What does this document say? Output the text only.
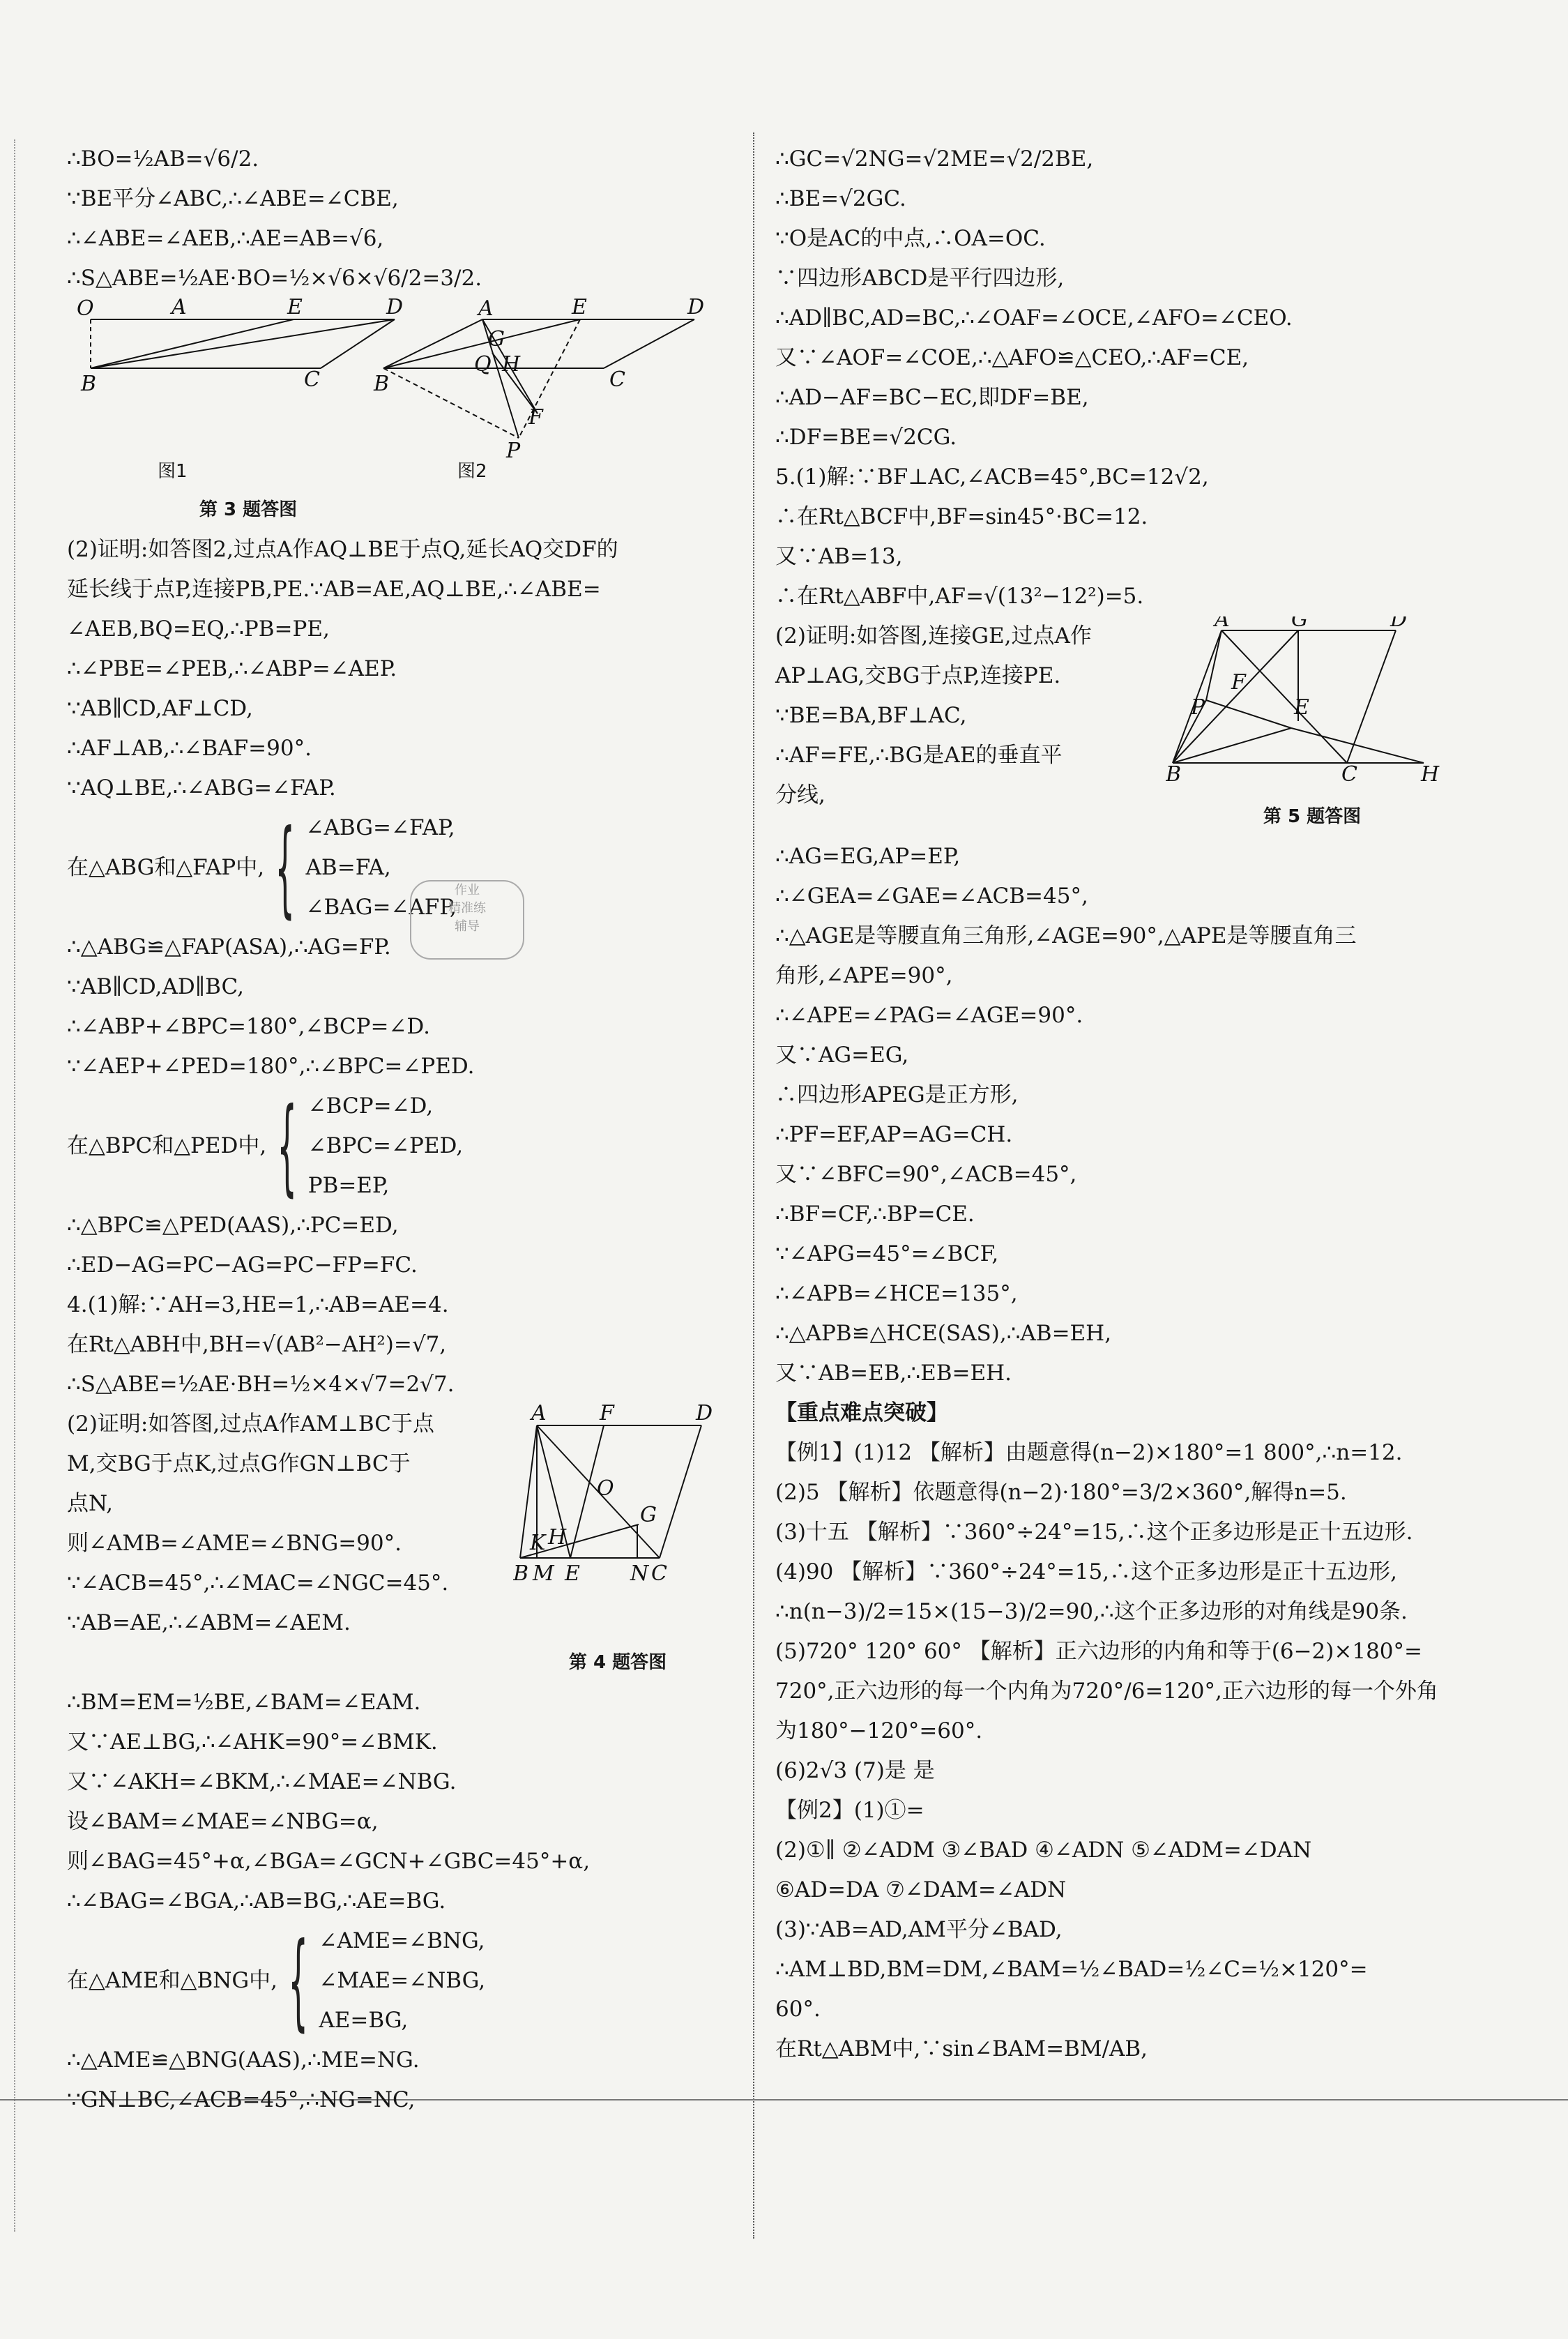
∴BO=½AB=√6/2.
∵BE平分∠ABC,∴∠ABE=∠CBE,
∴∠ABE=∠AEB,∴AE=AB=√6,
∴S△ABE=½AE·BO=½×√6×√6/2=3/2.
O	A	E	D
B	C
A
G
E	D
Q H
B	C
F
P
图1	图2
第 3 题答图
(2)证明:如答图2,过点A作AQ⊥BE于点Q,延长AQ交DF的
延长线于点P,连接PB,PE.∵AB=AE,AQ⊥BE,∴∠ABE=
∠AEB,BQ=EQ,∴PB=PE,
∴∠PBE=∠PEB,∴∠ABP=∠AEP.
∵AB∥CD,AF⊥CD,
∴AF⊥AB,∴∠BAF=90°.
∵AQ⊥BE,∴∠ABG=∠FAP.
在△ABG和△FAP中, { ∠ABG=∠FAP,
AB=FA,
∠BAG=∠AFP,
∴△ABG≌△FAP(ASA),∴AG=FP.
∵AB∥CD,AD∥BC,
∴∠ABP+∠BPC=180°,∠BCP=∠D.
∵∠AEP+∠PED=180°,∴∠BPC=∠PED.
在△BPC和△PED中, { ∠BCP=∠D,
∠BPC=∠PED,
PB=EP,
∴△BPC≌△PED(AAS),∴PC=ED,
∴ED−AG=PC−AG=PC−FP=FC.
4.(1)解:∵AH=3,HE=1,∴AB=AE=4.
在Rt△ABH中,BH=√(AB²−AH²)=√7,
∴S△ABE=½AE·BH=½×4×√7=2√7.
(2)证明:如答图,过点A作AM⊥BC于点
M,交BG于点K,过点G作GN⊥BC于
点N,
则∠AMB=∠AME=∠BNG=90°.
∵∠ACB=45°,∴∠MAC=∠NGC=45°.
∵AB=AE,∴∠ABM=∠AEM.
A	F	D
O
G
K H
B M E N C
第 4 题答图
∴BM=EM=½BE,∠BAM=∠EAM.
又∵AE⊥BG,∴∠AHK=90°=∠BMK.
又∵∠AKH=∠BKM,∴∠MAE=∠NBG.
设∠BAM=∠MAE=∠NBG=α,
则∠BAG=45°+α,∠BGA=∠GCN+∠GBC=45°+α,
∴∠BAG=∠BGA,∴AB=BG,∴AE=BG.
在△AME和△BNG中, { ∠AME=∠BNG,
∠MAE=∠NBG,
AE=BG,
∴△AME≌△BNG(AAS),∴ME=NG.
∵GN⊥BC,∠ACB=45°,∴NG=NC,
作业
精准练
辅导
∴GC=√2NG=√2ME=√2/2BE,
∴BE=√2GC.
∵O是AC的中点,∴OA=OC.
∵四边形ABCD是平行四边形,
∴AD∥BC,AD=BC,∴∠OAF=∠OCE,∠AFO=∠CEO.
又∵∠AOF=∠COE,∴△AFO≌△CEO,∴AF=CE,
∴AD−AF=BC−EC,即DF=BE,
∴DF=BE=√2CG.
5.(1)解:∵BF⊥AC,∠ACB=45°,BC=12√2,
∴在Rt△BCF中,BF=sin45°·BC=12.
又∵AB=13,
∴在Rt△ABF中,AF=√(13²−12²)=5.
(2)证明:如答图,连接GE,过点A作
AP⊥AG,交BG于点P,连接PE.
∵BE=BA,BF⊥AC,
∴AF=FE,∴BG是AE的垂直平
分线,
A	G	D
F
E
P
B	C	H
第 5 题答图
∴AG=EG,AP=EP,
∴∠GEA=∠GAE=∠ACB=45°,
∴△AGE是等腰直角三角形,∠AGE=90°,△APE是等腰直角三
角形,∠APE=90°,
∴∠APE=∠PAG=∠AGE=90°.
又∵AG=EG,
∴四边形APEG是正方形,
∴PF=EF,AP=AG=CH.
又∵∠BFC=90°,∠ACB=45°,
∴BF=CF,∴BP=CE.
∵∠APG=45°=∠BCF,
∴∠APB=∠HCE=135°,
∴△APB≌△HCE(SAS),∴AB=EH,
又∵AB=EB,∴EB=EH.
【重点难点突破】
【例1】(1)12 【解析】由题意得(n−2)×180°=1 800°,∴n=12.
(2)5 【解析】依题意得(n−2)·180°=3/2×360°,解得n=5.
(3)十五 【解析】∵360°÷24°=15,∴这个正多边形是正十五边形.
(4)90 【解析】∵360°÷24°=15,∴这个正多边形是正十五边形,
∴n(n−3)/2=15×(15−3)/2=90,∴这个正多边形的对角线是90条.
(5)720° 120° 60° 【解析】正六边形的内角和等于(6−2)×180°=
720°,正六边形的每一个内角为720°/6=120°,正六边形的每一个外角
为180°−120°=60°.
(6)2√3 (7)是 是
【例2】(1)①=
(2)①∥ ②∠ADM ③∠BAD ④∠ADN ⑤∠ADM=∠DAN
⑥AD=DA ⑦∠DAM=∠ADN
(3)∵AB=AD,AM平分∠BAD,
∴AM⊥BD,BM=DM,∠BAM=½∠BAD=½∠C=½×120°=
60°.
在Rt△ABM中,∵sin∠BAM=BM/AB,
